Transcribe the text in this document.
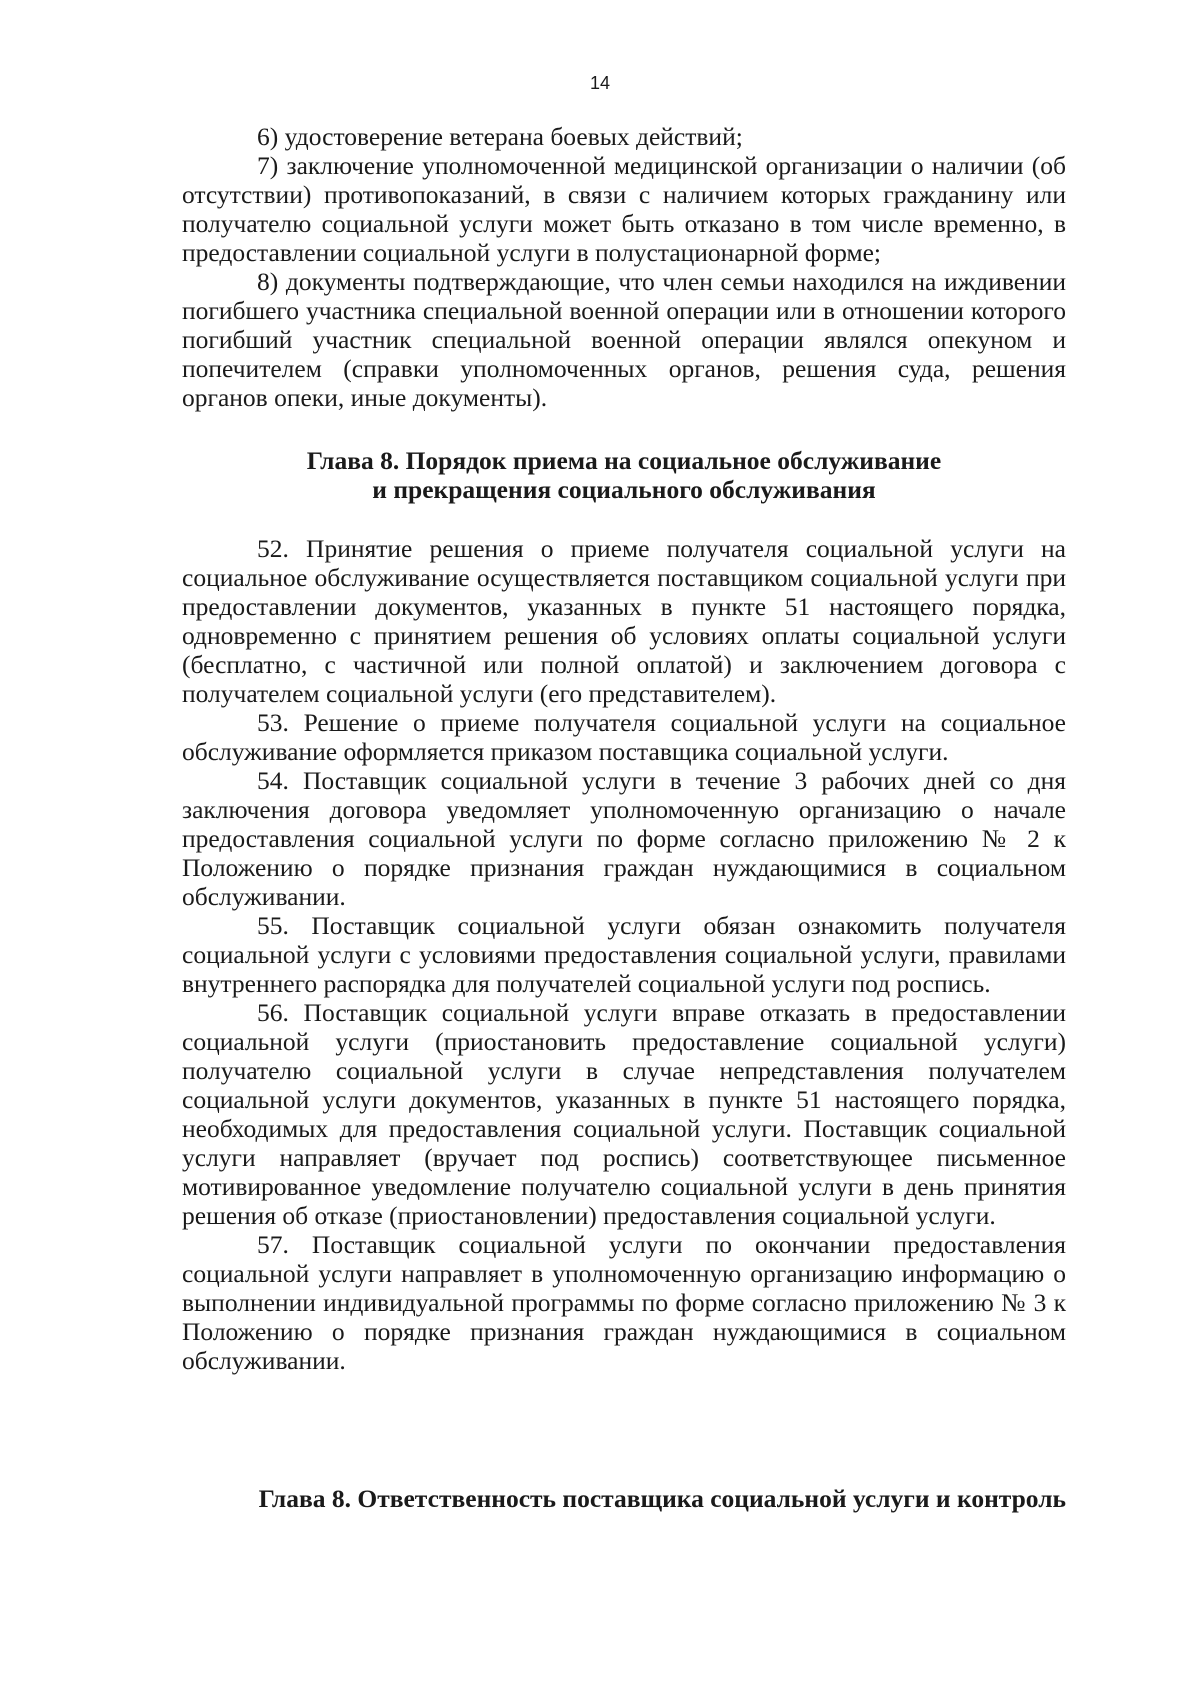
14

6) удостоверение ветерана боевых действий;

7) заключение уполномоченной медицинской организации о наличии (об отсутствии) противопоказаний, в связи с наличием которых гражданину или получателю социальной услуги может быть отказано в том числе временно, в предоставлении социальной услуги в полустационарной форме;

8) документы подтверждающие, что член семьи находился на иждивении погибшего участника специальной военной операции или в отношении которого погибший участник специальной военной операции являлся опекуном и попечителем (справки уполномоченных органов, решения суда, решения органов опеки, иные документы).

Глава 8. Порядок приема на социальное обслуживание
и прекращения социального обслуживания

52. Принятие решения о приеме получателя социальной услуги на социальное обслуживание осуществляется поставщиком социальной услуги при предоставлении документов, указанных в пункте 51 настоящего порядка, одновременно с принятием решения об условиях оплаты социальной услуги (бесплатно, с частичной или полной оплатой) и заключением договора с получателем социальной услуги (его представителем).

53. Решение о приеме получателя социальной услуги на социальное обслуживание оформляется приказом поставщика социальной услуги.

54. Поставщик социальной услуги в течение 3 рабочих дней со дня заключения договора уведомляет уполномоченную организацию о начале предоставления социальной услуги по форме согласно приложению № 2 к Положению о порядке признания граждан нуждающимися в социальном обслуживании.

55. Поставщик социальной услуги обязан ознакомить получателя социальной услуги с условиями предоставления социальной услуги, правилами внутреннего распорядка для получателей социальной услуги под роспись.

56. Поставщик социальной услуги вправе отказать в предоставлении социальной услуги (приостановить предоставление социальной услуги) получателю социальной услуги в случае непредставления получателем социальной услуги документов, указанных в пункте 51 настоящего порядка, необходимых для предоставления социальной услуги. Поставщик социальной услуги направляет (вручает под роспись) соответствующее письменное мотивированное уведомление получателю социальной услуги в день принятия решения об отказе (приостановлении) предоставления социальной услуги.

57. Поставщик социальной услуги по окончании предоставления социальной услуги направляет в уполномоченную организацию информацию о выполнении индивидуальной программы по форме согласно приложению № 3 к Положению о порядке признания граждан нуждающимися в социальном обслуживании.

Глава 8. Ответственность поставщика социальной услуги и контроль
